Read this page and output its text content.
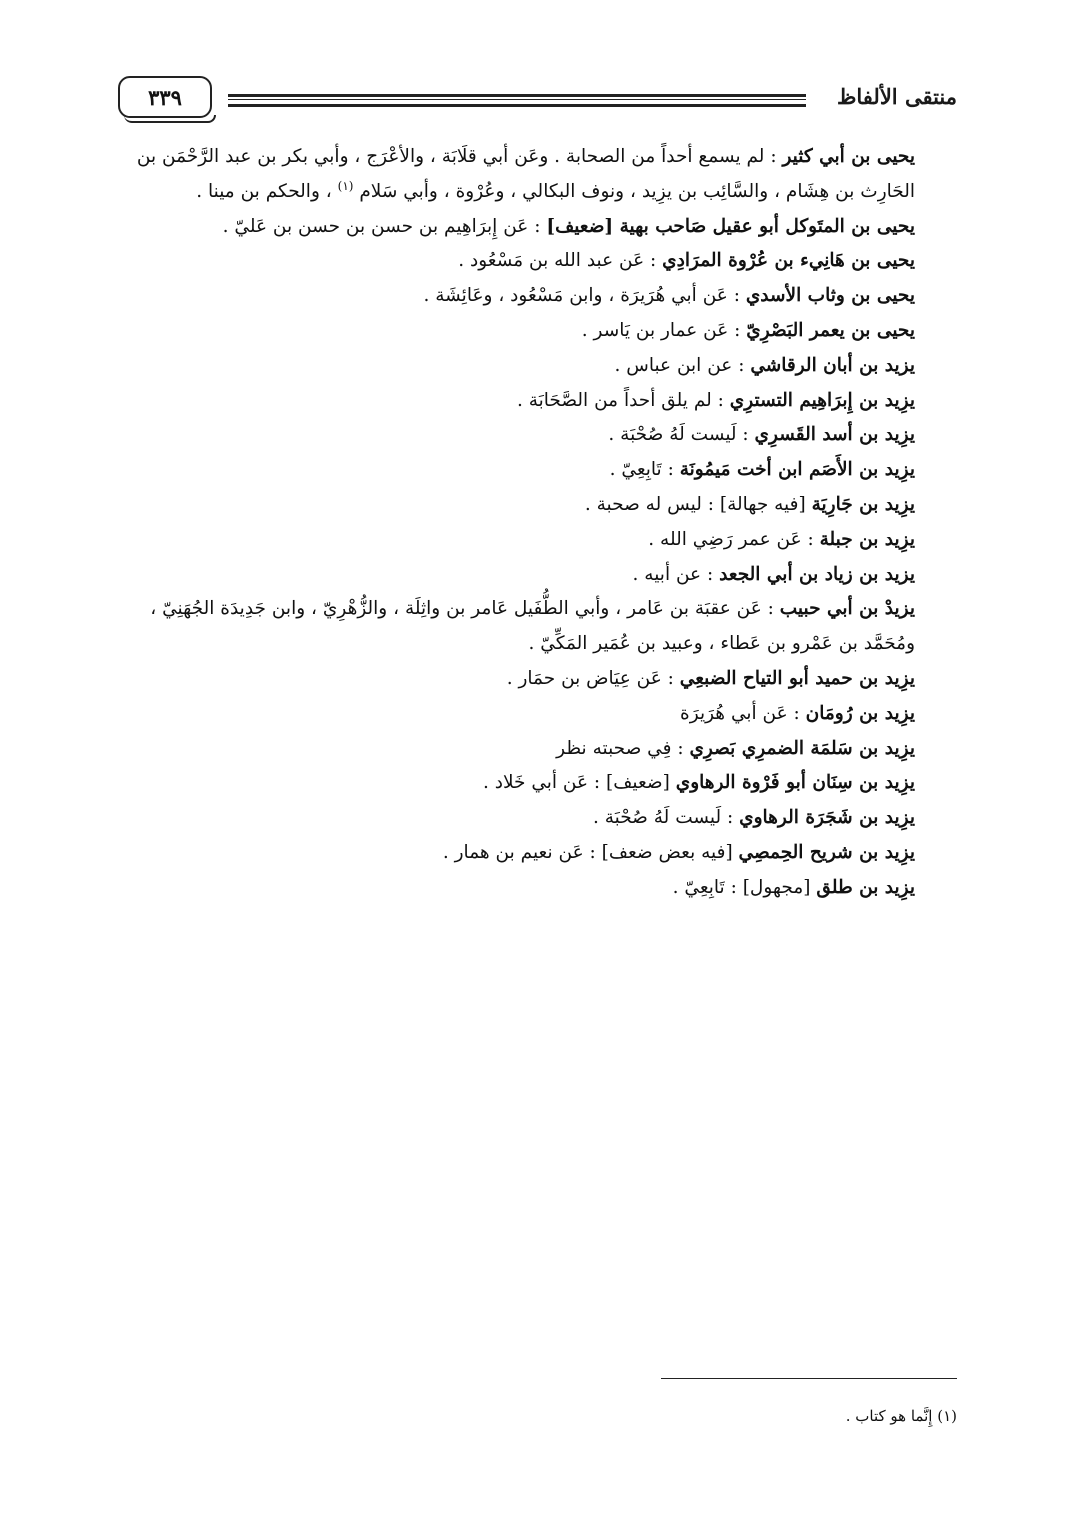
منتقى الألفاظ
٣٣٩

يحيى بن أبي كثير : لم يسمع أحداً من الصحابة . وعَن أبي قلَابَة ، والأعْرَج ، وأبي بكر بن عبد الرَّحْمَن بن الحَارِث بن هِشَام ، والسَّائِب بن يزِيد ، ونوف البكالي ، وعُرْوة ، وأبي سَلام $^{(١)}$ ، والحكم بن مينا .

يحيى بن المتَوكل أبو عقيل صَاحب بهية [ضعيف] : عَن إِبرَاهِيم بن حسن بن حسن بن عَليّ .

يحيى بن هَانِيء بن عُرْوة المرَادِي : عَن عبد الله بن مَسْعُود .

يحيى بن وثاب الأسدي : عَن أبي هُرَيرَة ، وابن مَسْعُود ، وعَائِشَة .

يحيى بن يعمر البَصْرِيّ : عَن عمار بن يَاسر .

يزيد بن أبان الرقاشي : عن ابن عباس .

يزِيد بن إِبرَاهِيم التسترِي : لم يلق أحداً من الصَّحَابَة .

يزِيد بن أسد القَسرِي : لَيست لَهُ صُحْبَة .

يزِيد بن الأَصَم ابن أخت مَيمُونَة : تَابِعِيّ .

يزِيد بن جَارِيَة [فيه جهالة] : ليس له صحبة .

يزِيد بن جبلة : عَن عمر رَضِي الله .

يزيد بن زياد بن أبي الجعد : عن أبيه .

يزيدْ بن أبي حبيب : عَن عقبَة بن عَامر ، وأبي الطُّفَيل عَامر بن واثِلَة ، والزُّهْرِيّ ، وابن جَدِيدَة الجُهَنِيّ ، ومُحَمَّد بن عَمْرو بن عَطاء ، وعبيد بن عُمَير المَكِّيّ .

يزِيد بن حميد أبو التياح الضبعِي : عَن عِيَاض بن حمَار .

يزِيد بن رُومَان : عَن أبي هُرَيرَة

يزِيد بن سَلمَة الضمرِي بَصرِي : فِي صحبته نظر

يزِيد بن سِنَان أبو فَرْوة الرهاوي [ضعيف] : عَن أبي خَلاد .

يزِيد بن شَجَرَة الرهاوي : لَيست لَهُ صُحْبَة .

يزِيد بن شريح الحِمصِي [فيه بعض ضعف] : عَن نعيم بن همار .

يزِيد بن طلق [مجهول] : تَابِعِيّ .

(١) إِنَّما هو كتاب .
